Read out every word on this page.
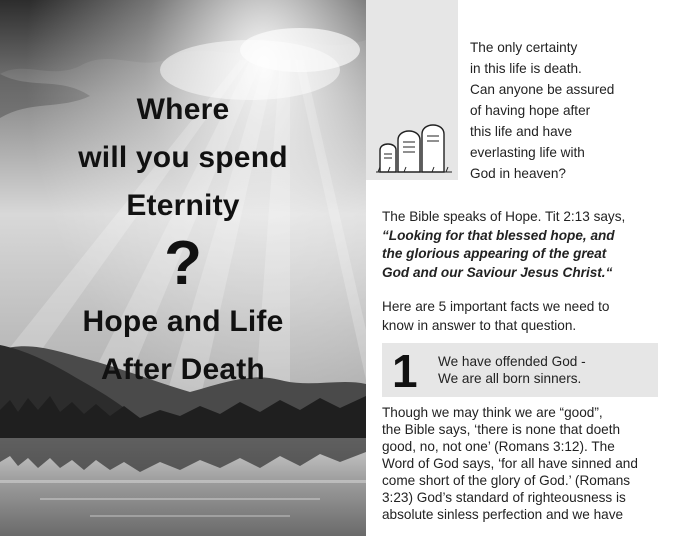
Where
will you spend
Eternity
?
Hope and Life
After Death
The only certainty
in this life is death.
Can anyone be assured
of having hope after
this life and have
everlasting life with
God in heaven?
The Bible speaks of Hope. Tit 2:13 says,
“Looking for that blessed hope, and
the glorious appearing of the great
God and our Saviour Jesus Christ.“
Here are 5 important facts we need to
know in answer to that question.
1 We have offended God -
We are all born sinners.
Though we may think we are “good”,
the Bible says, ‘there is none that doeth
good, no, not one’ (Romans 3:12). The
Word of God says, ‘for all have sinned and
come short of the glory of God.’ (Romans
3:23) God’s standard of righteousness is
absolute sinless perfection and we have
